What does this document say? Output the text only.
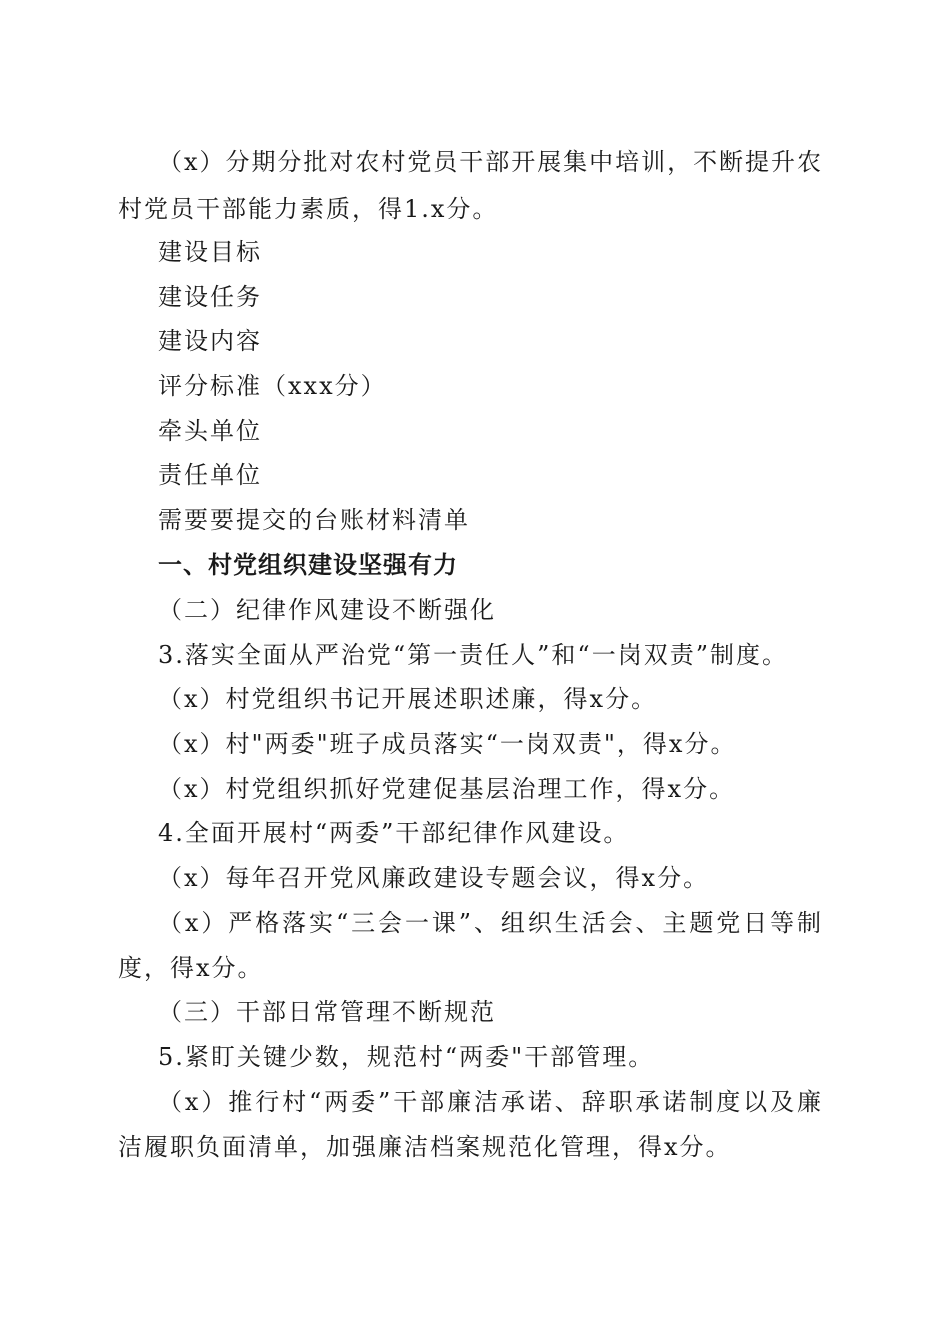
（x）分期分批对农村党员干部开展集中培训，不断提升农
村党员干部能力素质，得1.x分。
建设目标
建设任务
建设内容
评分标准（xxx分）
牵头单位
责任单位
需要要提交的台账材料清单
一、村党组织建设坚强有力
（二）纪律作风建设不断强化
3.落实全面从严治党“第一责任人”和“一岗双责”制度。
（x）村党组织书记开展述职述廉，得x分。
（x）村"两委"班子成员落实“一岗双责"，得x分。
（x）村党组织抓好党建促基层治理工作，得x分。
4.全面开展村“两委”干部纪律作风建设。
（x）每年召开党风廉政建设专题会议，得x分。
（x）严格落实“三会一课”、组织生活会、主题党日等制
度，得x分。
（三）干部日常管理不断规范
5.紧盯关键少数，规范村“两委"干部管理。
（x）推行村“两委”干部廉洁承诺、辞职承诺制度以及廉
洁履职负面清单，加强廉洁档案规范化管理，得x分。
